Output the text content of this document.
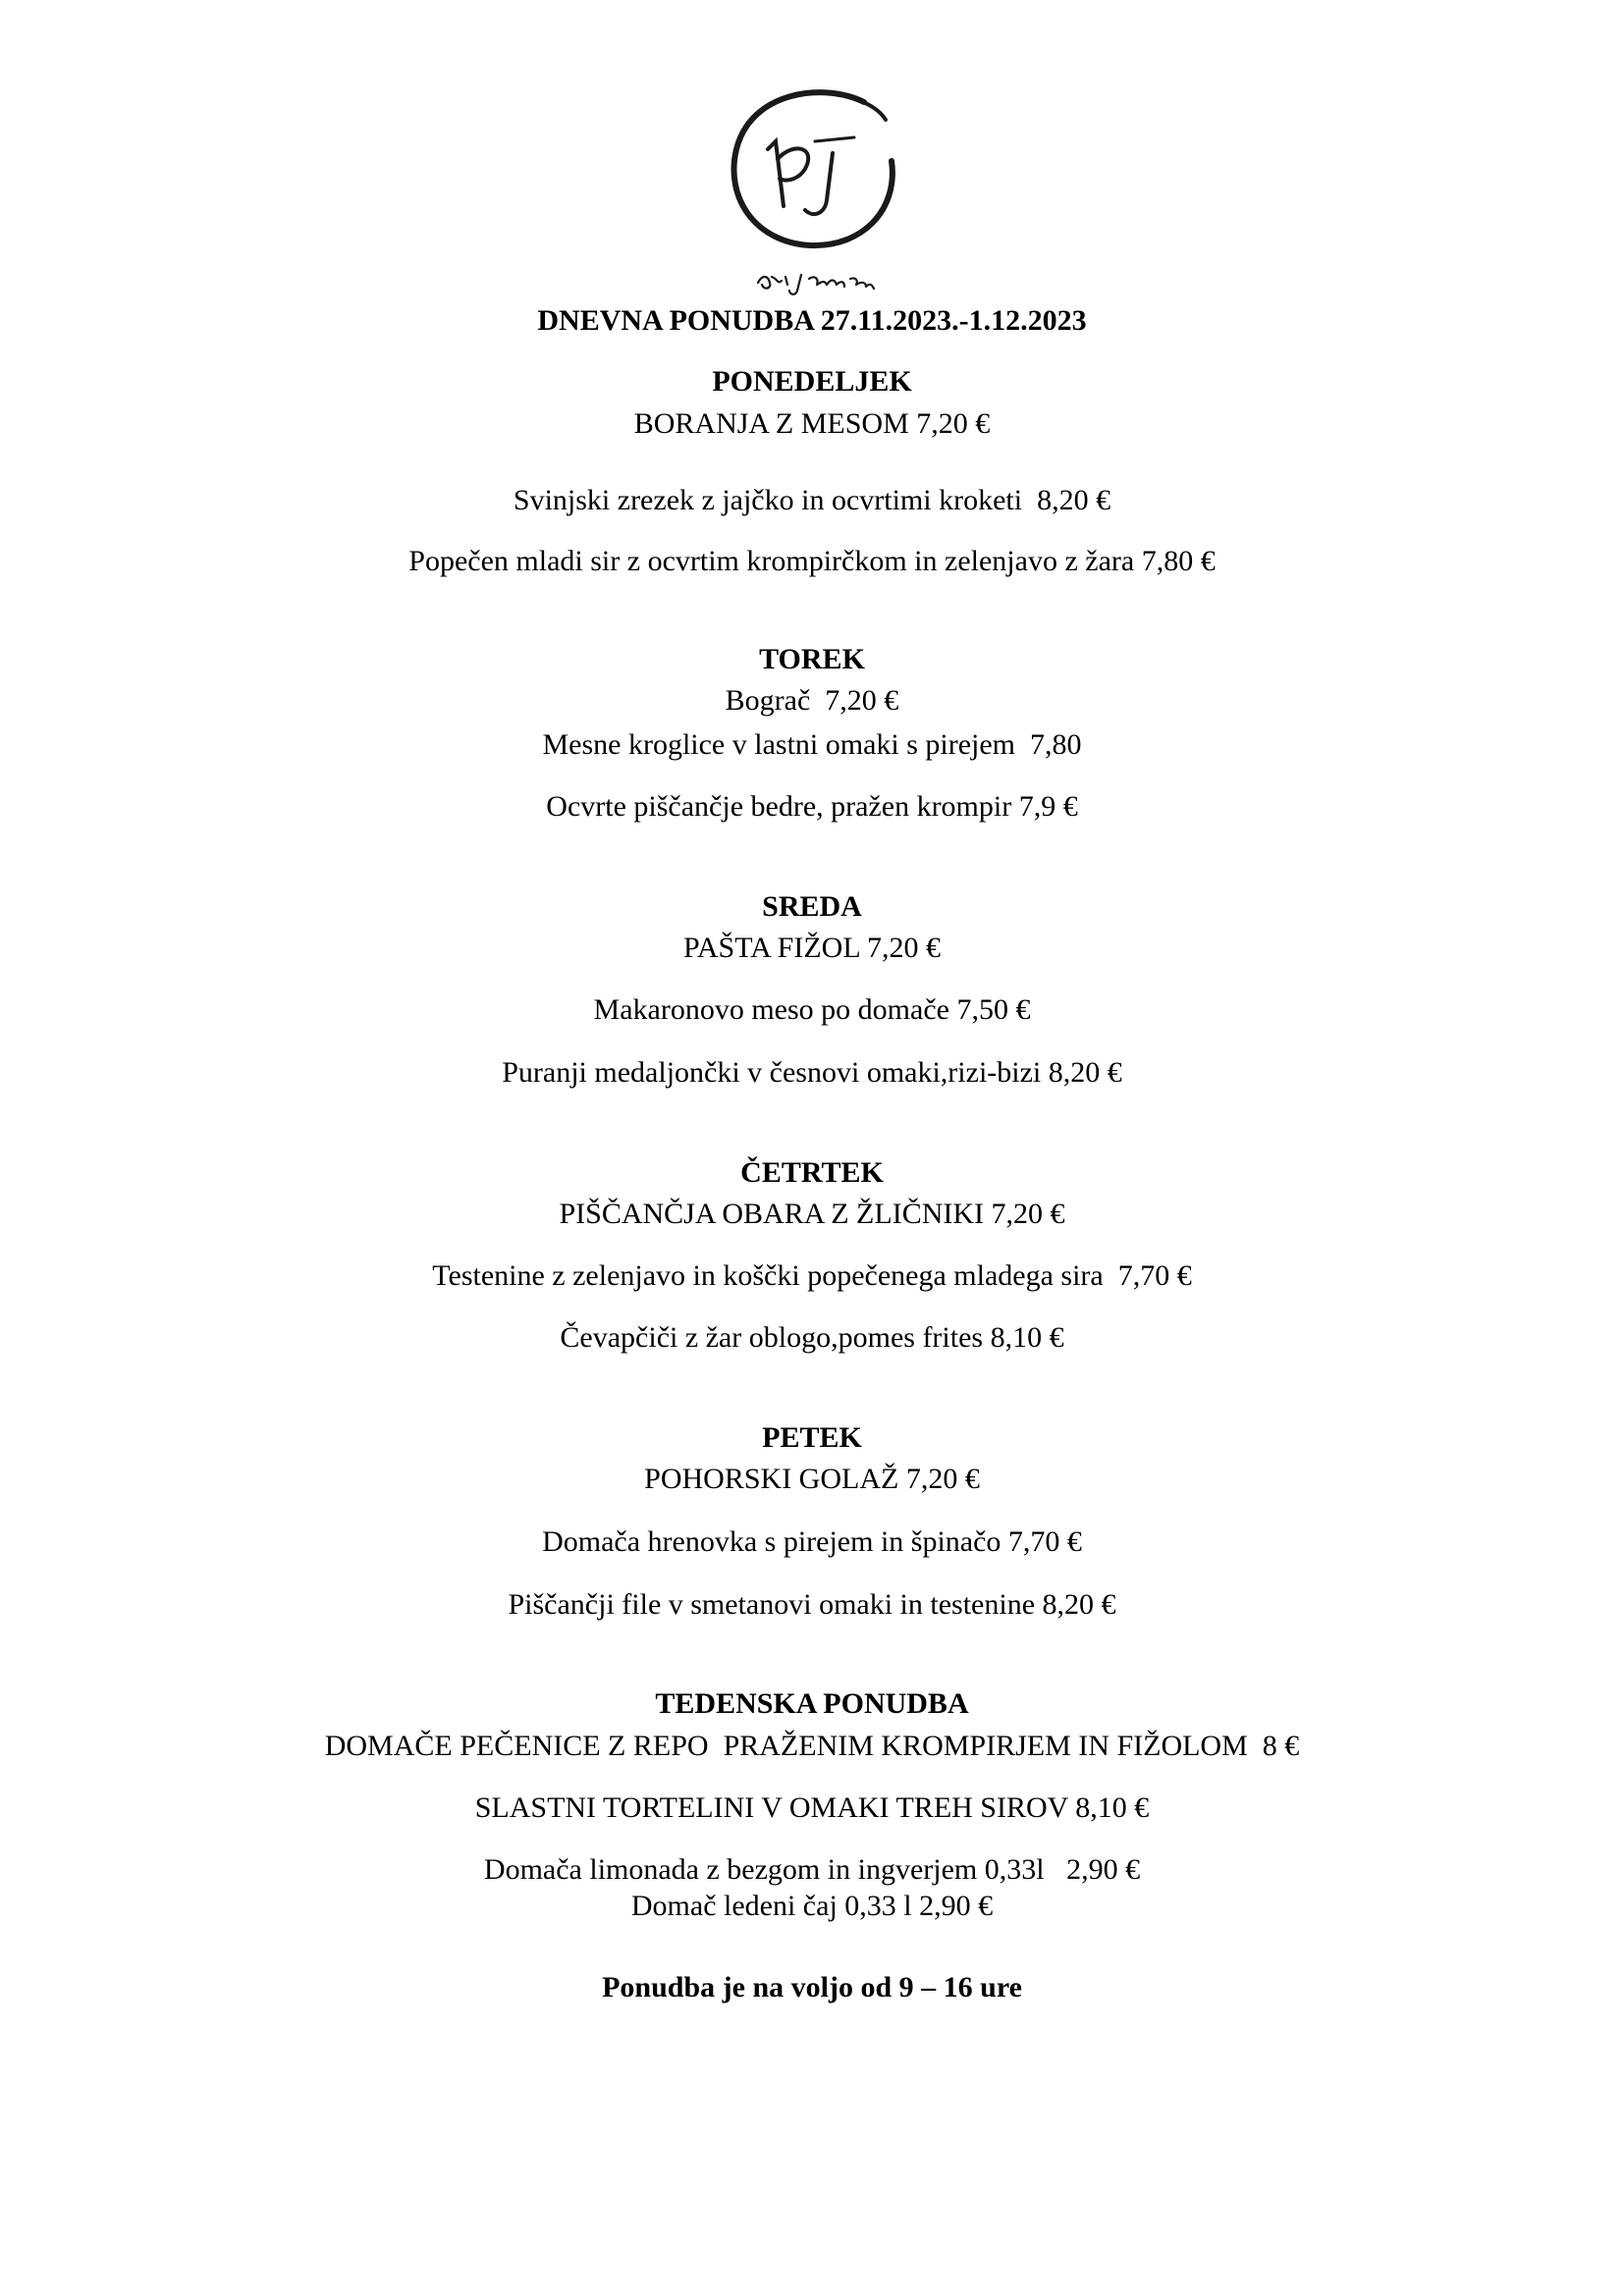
DNEVNA PONUDBA 27.11.2023.-1.12.2023
PONEDELJEK
BORANJA Z MESOM 7,20 €
Svinjski zrezek z jajčko in ocvrtimi kroketi  8,20 €
Popečen mladi sir z ocvrtim krompirčkom in zelenjavo z žara 7,80 €
TOREK
Bograč  7,20 €
Mesne kroglice v lastni omaki s pirejem  7,80
Ocvrte piščančje bedre, pražen krompir 7,9 €
SREDA
PAŠTA FIŽOL 7,20 €
Makaronovo meso po domače 7,50 €
Puranji medaljončki v česnovi omaki,rizi-bizi 8,20 €
ČETRTEK
PIŠČANČJA OBARA Z ŽLIČNIKI 7,20 €
Testenine z zelenjavo in koščki popečenega mladega sira  7,70 €
Čevapčiči z žar oblogo,pomes frites 8,10 €
PETEK
POHORSKI GOLAŽ 7,20 €
Domača hrenovka s pirejem in špinačo 7,70 €
Piščančji file v smetanovi omaki in testenine 8,20 €
TEDENSKA PONUDBA
DOMAČE PEČENICE Z REPO  PRAŽENIM KROMPIRJEM IN FIŽOLOM  8 €
SLASTNI TORTELINI V OMAKI TREH SIROV 8,10 €
Domača limonada z bezgom in ingverjem 0,33l   2,90 €
Domač ledeni čaj 0,33 l 2,90 €
Ponudba je na voljo od 9 – 16 ure
